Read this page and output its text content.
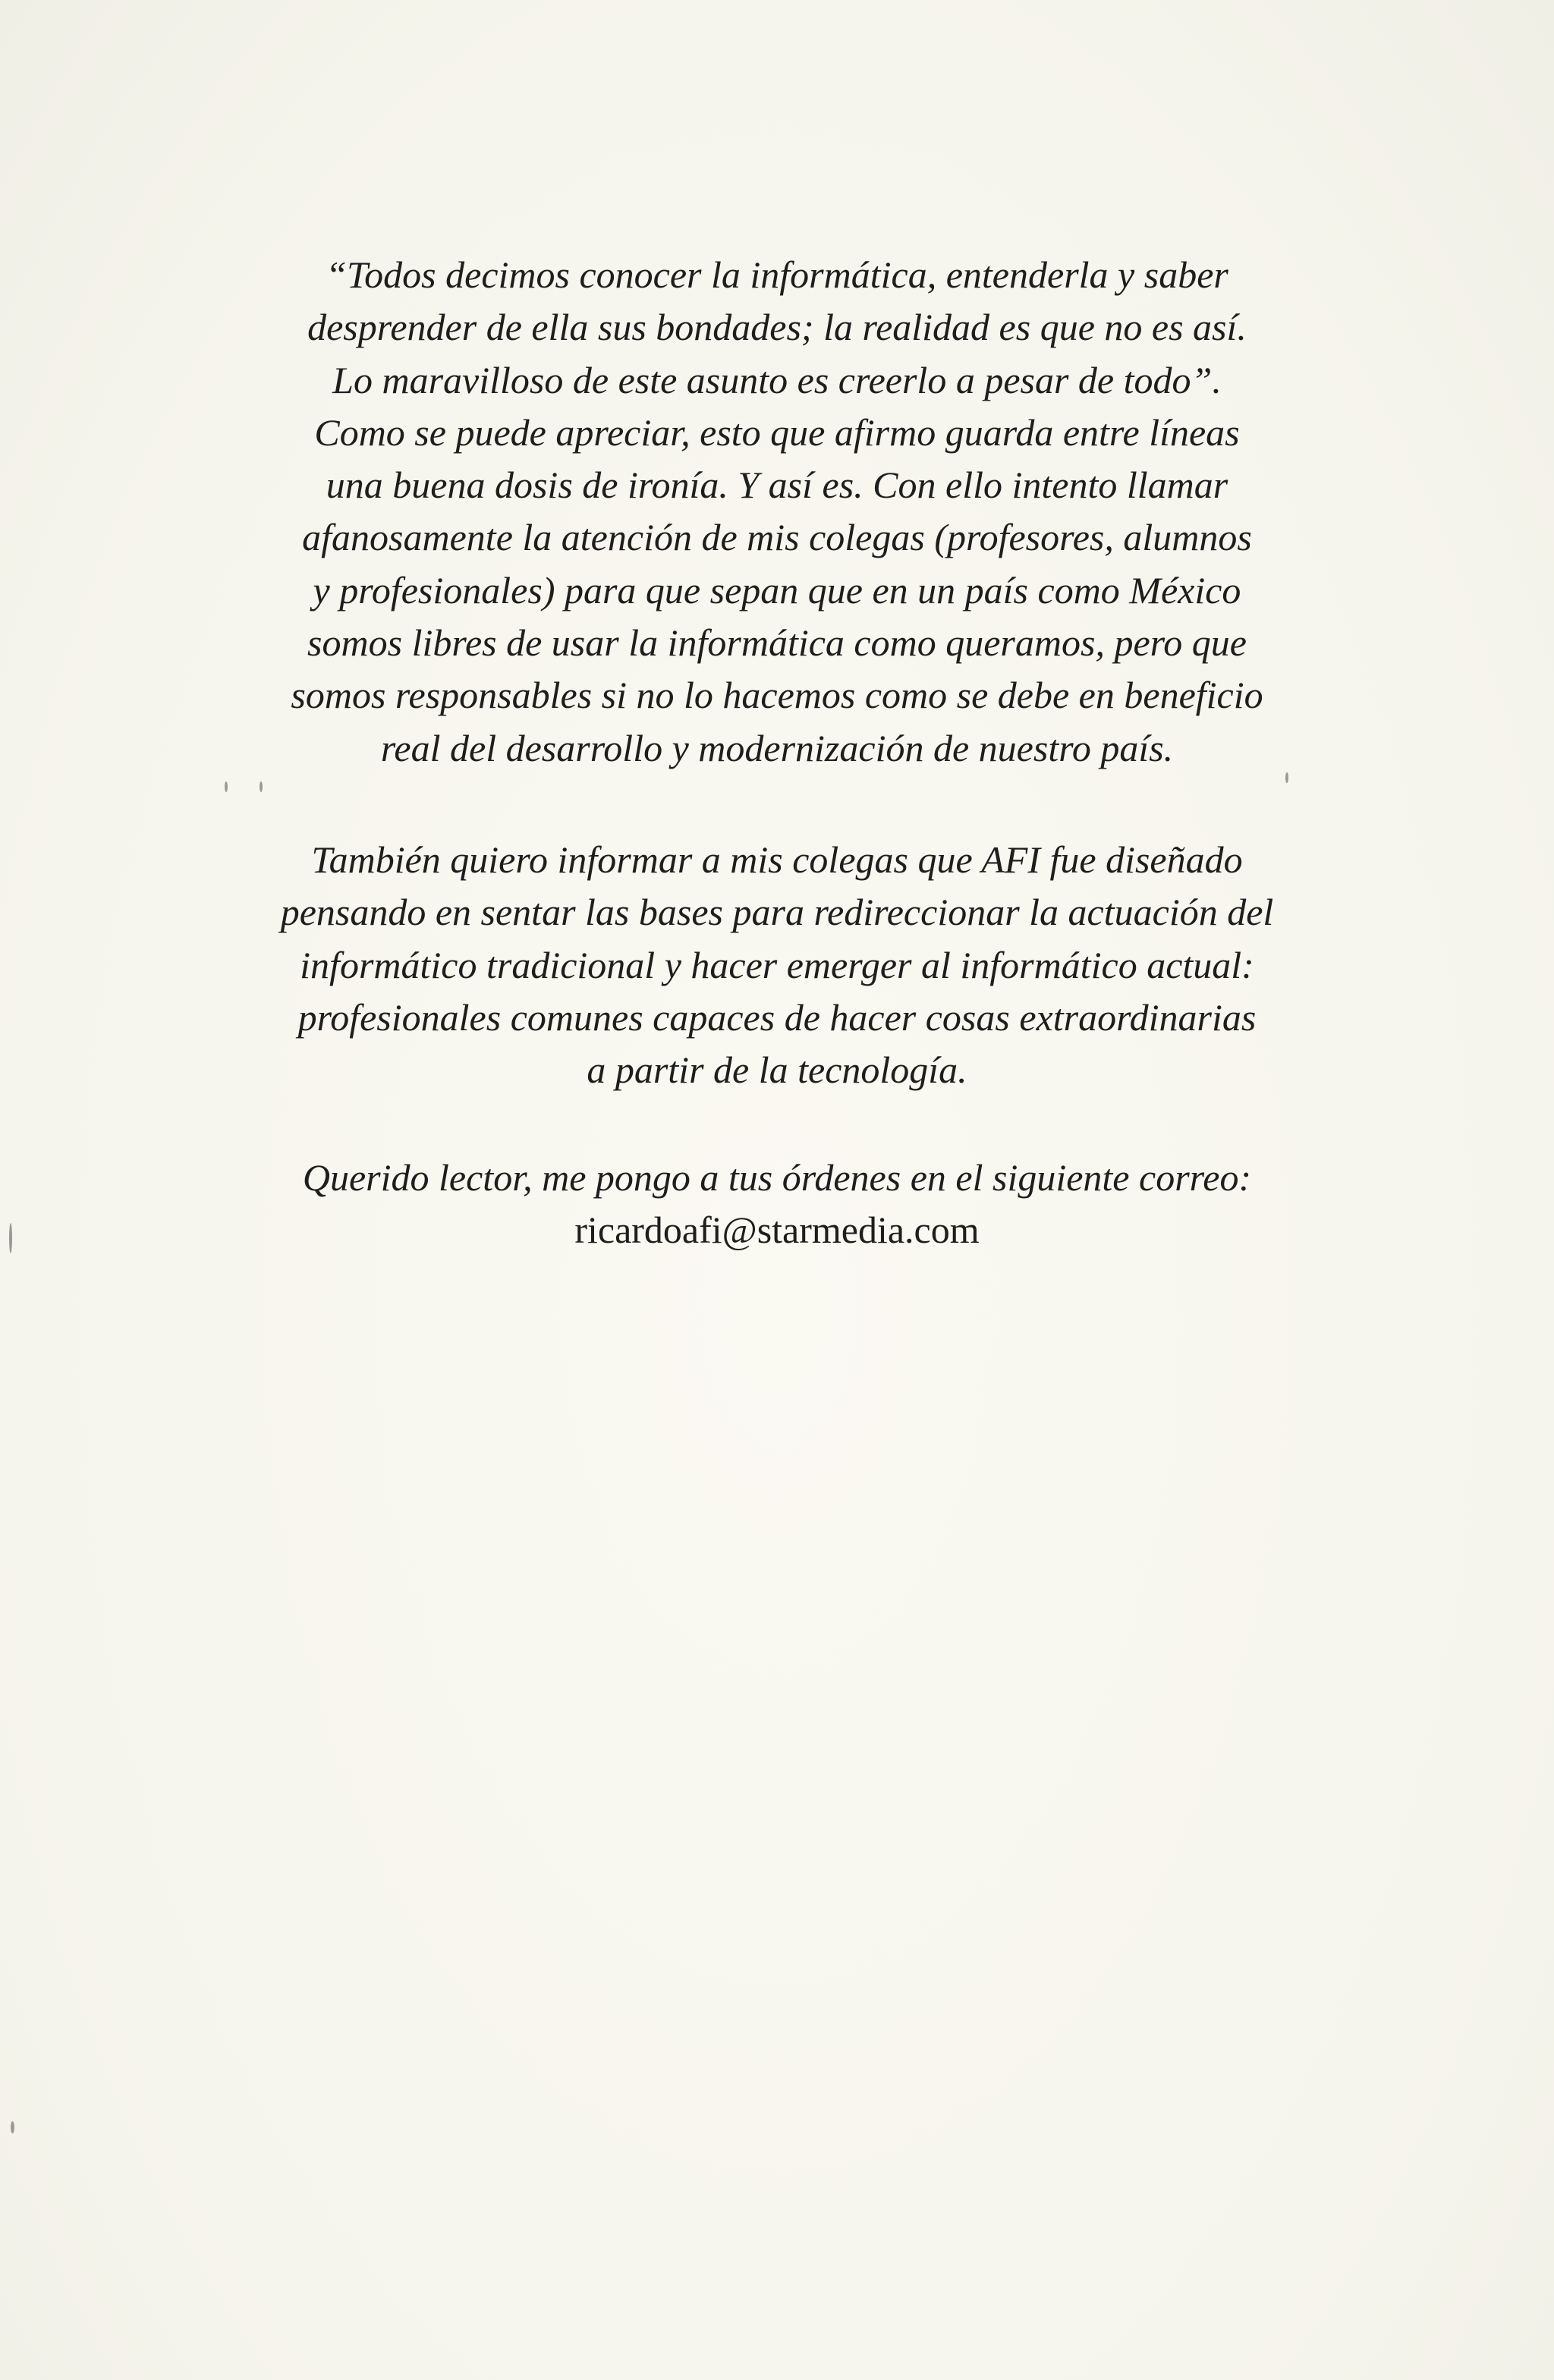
“Todos decimos conocer la informática, entenderla y saber
desprender de ella sus bondades; la realidad es que no es así.
Lo maravilloso de este asunto es creerlo a pesar de todo”.
Como se puede apreciar, esto que afirmo guarda entre líneas
una buena dosis de ironía. Y así es. Con ello intento llamar
afanosamente la atención de mis colegas (profesores, alumnos
y profesionales) para que sepan que en un país como México
somos libres de usar la informática como queramos, pero que
somos responsables si no lo hacemos como se debe en beneficio
real del desarrollo y modernización de nuestro país.
También quiero informar a mis colegas que AFI fue diseñado
pensando en sentar las bases para redireccionar la actuación del
informático tradicional y hacer emerger al informático actual:
profesionales comunes capaces de hacer cosas extraordinarias
a partir de la tecnología.
Querido lector, me pongo a tus órdenes en el siguiente correo:
ricardoafi@starmedia.com
